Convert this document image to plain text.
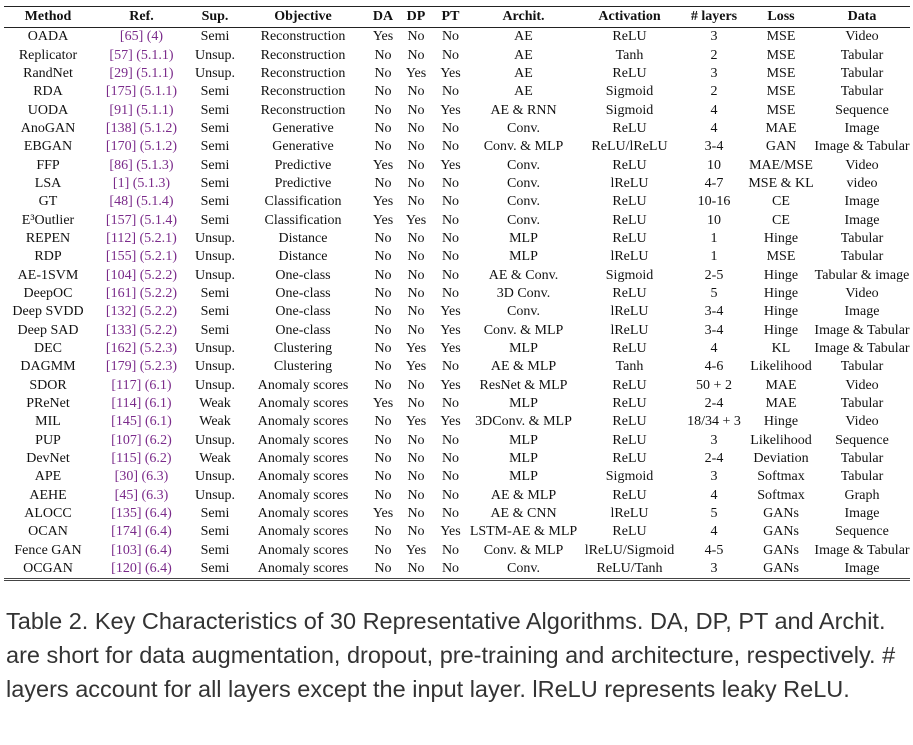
Method	Ref.	Sup.	Objective	DA	DP	PT	Archit.	Activation	# layers	Loss	Data
OADA	[65] (4)	Semi	Reconstruction	Yes	No	No	AE	ReLU	3	MSE	Video
Replicator	[57] (5.1.1)	Unsup.	Reconstruction	No	No	No	AE	Tanh	2	MSE	Tabular
RandNet	[29] (5.1.1)	Unsup.	Reconstruction	No	Yes	Yes	AE	ReLU	3	MSE	Tabular
RDA	[175] (5.1.1)	Semi	Reconstruction	No	No	No	AE	Sigmoid	2	MSE	Tabular
UODA	[91] (5.1.1)	Semi	Reconstruction	No	No	Yes	AE & RNN	Sigmoid	4	MSE	Sequence
AnoGAN	[138] (5.1.2)	Semi	Generative	No	No	No	Conv.	ReLU	4	MAE	Image
EBGAN	[170] (5.1.2)	Semi	Generative	No	No	No	Conv. & MLP	ReLU/lReLU	3-4	GAN	Image & Tabular
FFP	[86] (5.1.3)	Semi	Predictive	Yes	No	Yes	Conv.	ReLU	10	MAE/MSE	Video
LSA	[1] (5.1.3)	Semi	Predictive	No	No	No	Conv.	lReLU	4-7	MSE & KL	video
GT	[48] (5.1.4)	Semi	Classification	Yes	No	No	Conv.	ReLU	10-16	CE	Image
E³Outlier	[157] (5.1.4)	Semi	Classification	Yes	Yes	No	Conv.	ReLU	10	CE	Image
REPEN	[112] (5.2.1)	Unsup.	Distance	No	No	No	MLP	ReLU	1	Hinge	Tabular
RDP	[155] (5.2.1)	Unsup.	Distance	No	No	No	MLP	lReLU	1	MSE	Tabular
AE-1SVM	[104] (5.2.2)	Unsup.	One-class	No	No	No	AE & Conv.	Sigmoid	2-5	Hinge	Tabular & image
DeepOC	[161] (5.2.2)	Semi	One-class	No	No	No	3D Conv.	ReLU	5	Hinge	Video
Deep SVDD	[132] (5.2.2)	Semi	One-class	No	No	Yes	Conv.	lReLU	3-4	Hinge	Image
Deep SAD	[133] (5.2.2)	Semi	One-class	No	No	Yes	Conv. & MLP	lReLU	3-4	Hinge	Image & Tabular
DEC	[162] (5.2.3)	Unsup.	Clustering	No	Yes	Yes	MLP	ReLU	4	KL	Image & Tabular
DAGMM	[179] (5.2.3)	Unsup.	Clustering	No	Yes	No	AE & MLP	Tanh	4-6	Likelihood	Tabular
SDOR	[117] (6.1)	Unsup.	Anomaly scores	No	No	Yes	ResNet & MLP	ReLU	50 + 2	MAE	Video
PReNet	[114] (6.1)	Weak	Anomaly scores	Yes	No	No	MLP	ReLU	2-4	MAE	Tabular
MIL	[145] (6.1)	Weak	Anomaly scores	No	Yes	Yes	3DConv. & MLP	ReLU	18/34 + 3	Hinge	Video
PUP	[107] (6.2)	Unsup.	Anomaly scores	No	No	No	MLP	ReLU	3	Likelihood	Sequence
DevNet	[115] (6.2)	Weak	Anomaly scores	No	No	No	MLP	ReLU	2-4	Deviation	Tabular
APE	[30] (6.3)	Unsup.	Anomaly scores	No	No	No	MLP	Sigmoid	3	Softmax	Tabular
AEHE	[45] (6.3)	Unsup.	Anomaly scores	No	No	No	AE & MLP	ReLU	4	Softmax	Graph
ALOCC	[135] (6.4)	Semi	Anomaly scores	Yes	No	No	AE & CNN	lReLU	5	GANs	Image
OCAN	[174] (6.4)	Semi	Anomaly scores	No	No	Yes	LSTM-AE & MLP	ReLU	4	GANs	Sequence
Fence GAN	[103] (6.4)	Semi	Anomaly scores	No	Yes	No	Conv. & MLP	lReLU/Sigmoid	4-5	GANs	Image & Tabular
OCGAN	[120] (6.4)	Semi	Anomaly scores	No	No	No	Conv.	ReLU/Tanh	3	GANs	Image
Table 2. Key Characteristics of 30 Representative Algorithms. DA, DP, PT and Archit. are short for data augmentation, dropout, pre-training and architecture, respectively. # layers account for all layers except the input layer. lReLU represents leaky ReLU.
